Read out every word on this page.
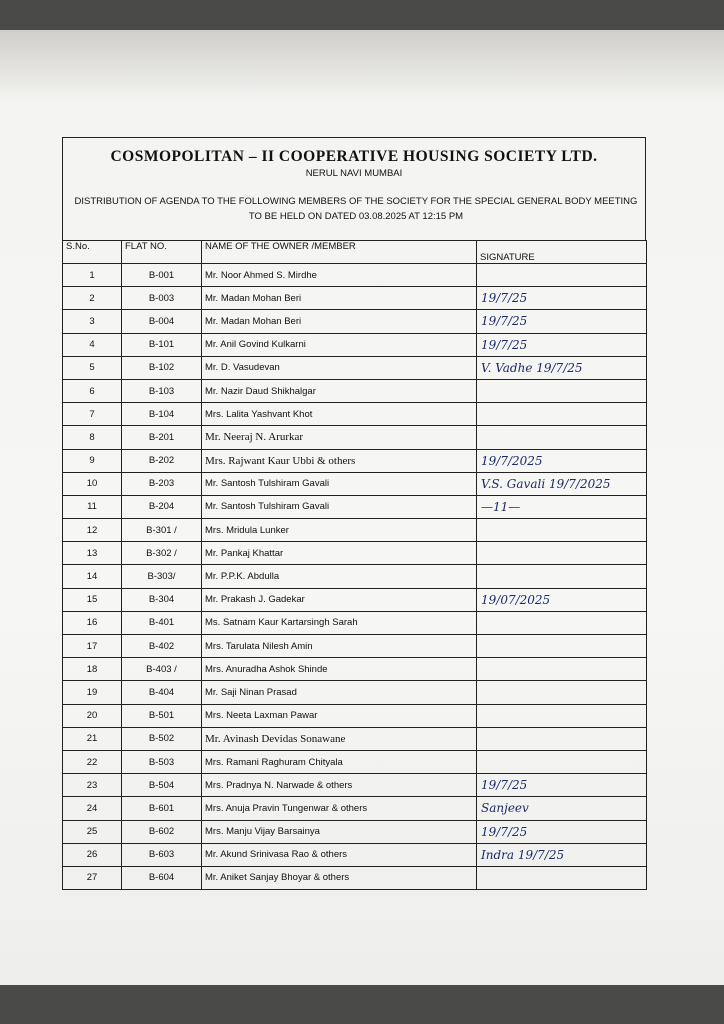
COSMOPOLITAN – II COOPERATIVE HOUSING SOCIETY LTD.
NERUL NAVI MUMBAI
DISTRIBUTION OF AGENDA TO THE FOLLOWING MEMBERS OF THE SOCIETY FOR THE SPECIAL GENERAL BODY MEETING TO BE HELD ON DATED 03.08.2025 AT 12:15 PM
S.No.	FLAT NO.	NAME OF THE OWNER /MEMBER	SIGNATURE
1	B-001	Mr. Noor Ahmed S. Mirdhe	
2	B-003	Mr. Madan Mohan Beri	19/7/25
3	B-004	Mr. Madan Mohan Beri	19/7/25
4	B-101	Mr. Anil Govind Kulkarni	19/7/25
5	B-102	Mr. D. Vasudevan	V. Vadhe 19/7/25
6	B-103	Mr. Nazir Daud Shikhalgar	
7	B-104	Mrs. Lalita Yashvant Khot	
8	B-201	Mr. Neeraj N. Arurkar	
9	B-202	Mrs. Rajwant Kaur Ubbi & others	19/7/2025
10	B-203	Mr. Santosh Tulshiram Gavali	V.S. Gavali 19/7/2025
11	B-204	Mr. Santosh Tulshiram Gavali	—11—
12	B-301 /	Mrs. Mridula Lunker	
13	B-302 /	Mr. Pankaj Khattar	
14	B-303/	Mr. P.P.K. Abdulla	
15	B-304	Mr. Prakash J. Gadekar	19/07/2025
16	B-401	Ms. Satnam Kaur Kartarsingh Sarah	
17	B-402	Mrs. Tarulata Nilesh Amin	
18	B-403 /	Mrs. Anuradha Ashok Shinde	
19	B-404	Mr. Saji Ninan Prasad	
20	B-501	Mrs. Neeta Laxman Pawar	
21	B-502	Mr. Avinash Devidas Sonawane	
22	B-503	Mrs. Ramani Raghuram Chityala	
23	B-504	Mrs. Pradnya N. Narwade & others	19/7/25
24	B-601	Mrs. Anuja Pravin Tungenwar & others	Sanjeev
25	B-602	Mrs. Manju Vijay Barsainya	19/7/25
26	B-603	Mr. Akund Srinivasa Rao & others	Indra 19/7/25
27	B-604	Mr. Aniket Sanjay Bhoyar & others	
